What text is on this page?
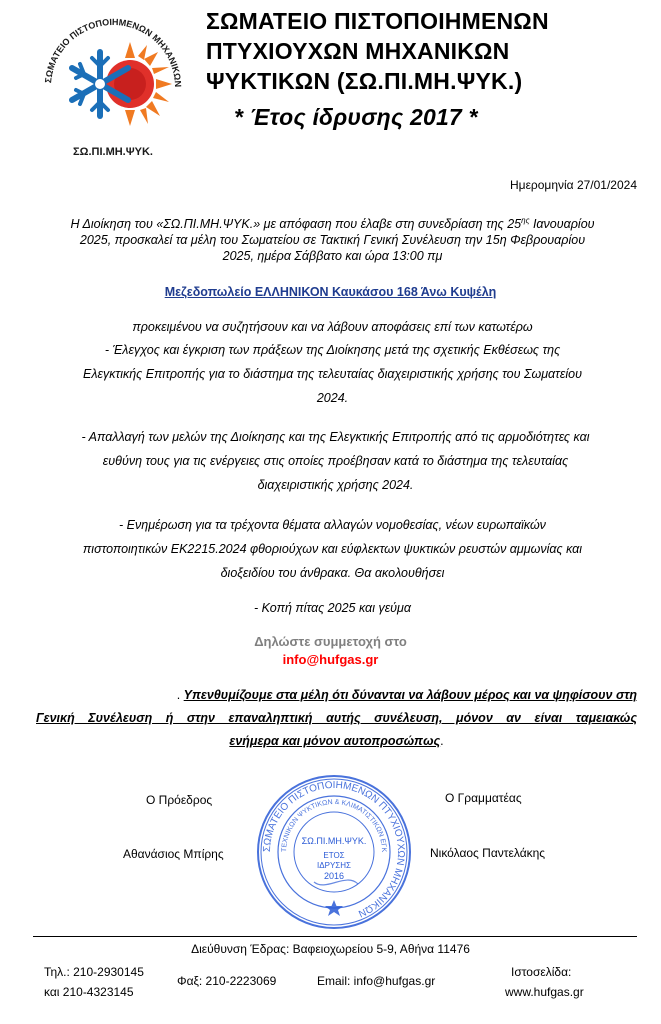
ΣΩΜΑΤΕΙΟ ΠΙΣΤΟΠΟΙΗΜΕΝΩΝ ΜΗΧΑΝΙΚΩΝ
ΣΩ.ΠΙ.ΜΗ.ΨΥΚ.
ΣΩΜΑΤΕΙΟ ΠΙΣΤΟΠΟΙΗΜΕΝΩΝ
ΠΤΥΧΙΟΥΧΩΝ ΜΗΧΑΝΙΚΩΝ
ΨΥΚΤΙΚΩΝ (ΣΩ.ΠΙ.ΜΗ.ΨΥΚ.)
* Έτος ίδρυσης 2017 *
Ημερομηνία 27/01/2024
Η Διοίκηση του «ΣΩ.ΠΙ.ΜΗ.ΨΥΚ.» με απόφαση που έλαβε στη συνεδρίαση της $25^{\eta\varsigma}$ Ιανουαρίου
2025, προσκαλεί τα μέλη του Σωματείου σε Τακτική Γενική Συνέλευση την 15η Φεβρουαρίου
2025, ημέρα Σάββατο και ώρα 13:00 πμ
Μεζεδοπωλείο ΕΛΛΗΝΙΚΟΝ Καυκάσου 168 Άνω Κυψέλη
προκειμένου να συζητήσουν και να λάβουν αποφάσεις επί των κατωτέρω
- Έλεγχος και έγκριση των πράξεων της Διοίκησης μετά της σχετικής Εκθέσεως της
Ελεγκτικής Επιτροπής για το διάστημα της τελευταίας διαχειριστικής χρήσης του Σωματείου
2024.
- Απαλλαγή των μελών της Διοίκησης και της Ελεγκτικής Επιτροπής από τις αρμοδιότητες και
ευθύνη τους για τις ενέργειες στις οποίες προέβησαν κατά το διάστημα της τελευταίας
διαχειριστικής χρήσης 2024.
- Ενημέρωση για τα τρέχοντα θέματα αλλαγών νομοθεσίας, νέων ευρωπαϊκών
πιστοποιητικών ΕΚ2215.2024 φθοριούχων και εύφλεκτων ψυκτικών ρευστών αμμωνίας και
διοξειδίου του άνθρακα. Θα ακολουθήσει
- Κοπή πίτας 2025 και γεύμα
Δηλώστε συμμετοχή στο
info@hufgas.gr
. Υπενθυμίζουμε στα μέλη ότι δύνανται να λάβουν μέρος και να ψηφίσουν στη
Γενική Συνέλευση ή στην επαναληπτική αυτής συνέλευση, μόνον αν είναι ταμειακώς
ενήμερα και μόνον αυτοπροσώπως.
Ο Πρόεδρος
Αθανάσιος Μπίρης
Ο Γραμματέας
Νικόλαος Παντελάκης
ΣΩΜΑΤΕΙΟ ΠΙΣΤΟΠΟΙΗΜΕΝΩΝ ΠΤΥΧΙΟΥΧΩΝ ΜΗΧΑΝΙΚΩΝ
ΤΕΧΝΙΚΩΝ ΨΥΚΤΙΚΩΝ & ΚΛΙΜΑΤΙΣΤΙΚΩΝ ΕΓΚ
ΣΩ.ΠΙ.ΜΗ.ΨΥΚ.
ΕΤΟΣ
ΙΔΡΥΣΗΣ
2016
Διεύθυνση Έδρας: Βαφειοχωρείου 5-9, Αθήνα 11476
Τηλ.: 210-2930145
και 210-4323145
Φαξ: 210-2223069	Email: info@hufgas.gr
Ιστοσελίδα:
www.hufgas.gr
